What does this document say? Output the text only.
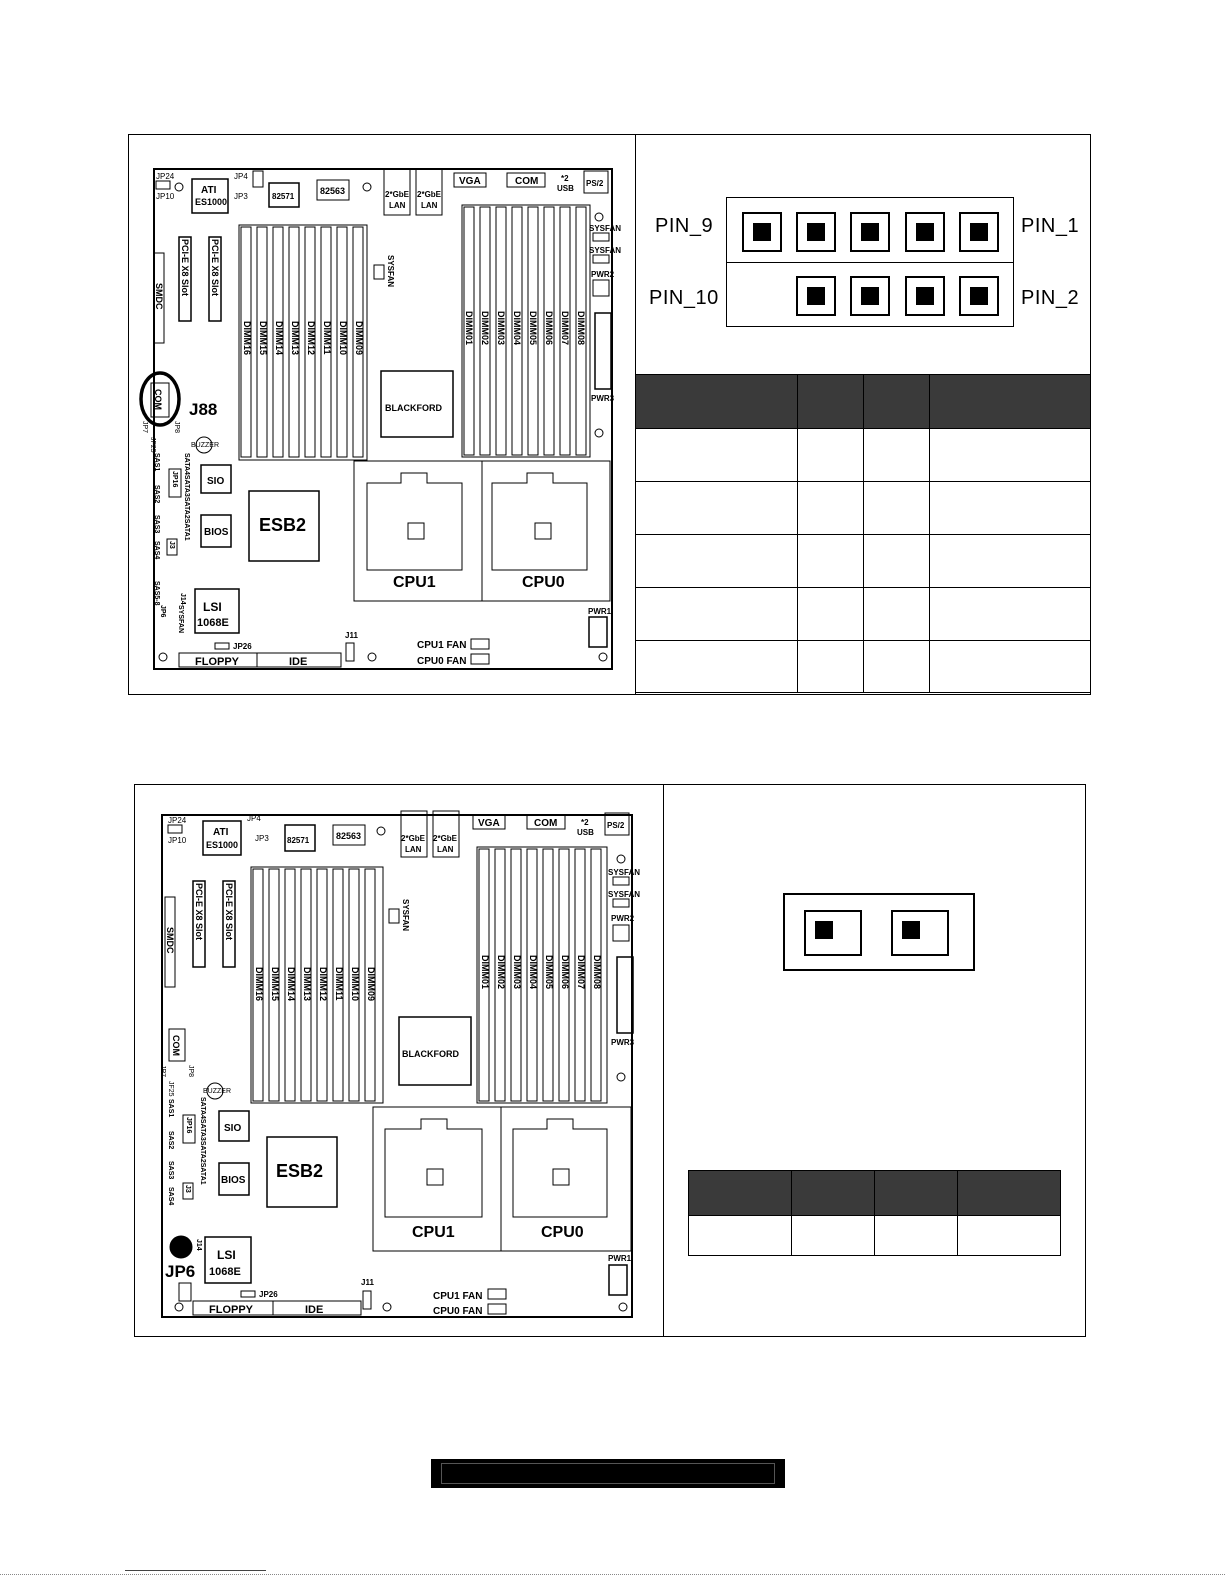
JP24
JP10
ATI
ES1000
JP4
JP3	82571
82563	2*GbE
LAN
2*GbE
LAN
VGA	COM	*2
USB
PS/2
PCI-E X8 Slot PCI-E X8 Slot
SMDC
DIMM16 DIMM15 DIMM14 DIMM13 DIMM12 DIMM11 DIMM10 DIMM09
SYSFAN
DIMM01 DIMM02 DIMM03 DIMM04 DIMM05 DIMM06 DIMM07 DIMM08
SYSFAN
SYSFAN
PWR2
PWR3
BLACKFORD
COM J88
JP7
JF25
JP8
BUZZER
JP16
SAS1
SAS2
SAS3
SAS4
SAS5-8
J3
J14
SYSFAN
JP6
SATA4SATA3SATA2SATA1 SIO
BIOS ESB2
CPU1	CPU0
LSI
1068E
JP26
FLOPPY	IDE
J11
CPU1 FAN
CPU0 FAN
PWR1
PIN_9	PIN_1
PIN_10	PIN_2

JP24
JP10
ATI
ES1000
JP4
JP3 82571	82563	2*GbE
LAN
2*GbE
LAN
VGA	COM	*2
USB
PS/2
PCI-E X8 Slot PCI-E X8 Slot
SMDC
DIMM16 DIMM15 DIMM14 DIMM13 DIMM12 DIMM11 DIMM10 DIMM09
SYSFAN
DIMM01 DIMM02 DIMM03 DIMM04 DIMM05 DIMM06 DIMM07 DIMM08
SYSFAN
SYSFAN
PWR2
PWR3
BLACKFORD
COM
JP7
JF25
JP8
BUZZER
JP16
SAS1
SAS2
SAS3
SAS4 J3
J14
SATA4SATA3SATA2SATA1 SIO
BIOS ESB2
CPU1	CPU0
JP6
LSI
1068E
JP26
FLOPPY	IDE
J11
CPU1 FAN
CPU0 FAN
PWR1
